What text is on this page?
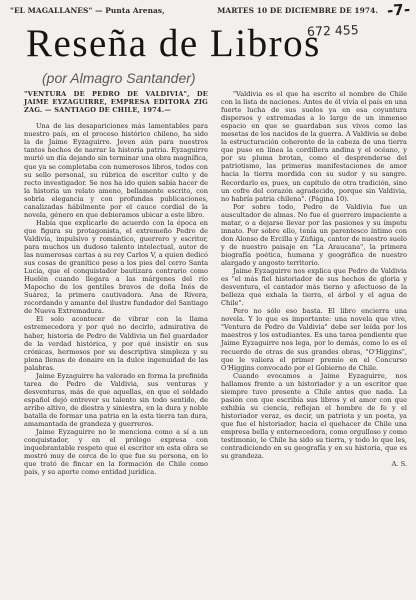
"EL MAGALLANES" — Punta Arenas,	MARTES 10 DE DICIEMBRE DE 1974. -7-
672 455
Reseña de Libros
(por Almagro Santander)

"VENTURA DE PEDRO DE VALDIVIA", DE JAIME EYZAGUIRRE, EMPRESA EDITORA ZIG ZAG. — SANTIAGO DE CHILE, 1974.—

Una de las desapariciones más lamentables para nuestro país, en el proceso histórico chileno, ha sido la de Jaime Eyzaguirre. Joven aún para nuestros tantos hechos de narrar la historia patria. Eyzaguirre murió un día dejando sin terminar una obra magnífica, que ya se completaba con numerosos libros, todos con su sello personal, su rúbrica de escritor culto y de recto investigador. Se nos ha ido quien sabía hacer de la historia un relato ameno, bellamente escrito, con sobria elegancia y con profundas publicaciones, canalizadas hábilmente por el cauce cordial de la novela, género en que debieramos ubicar a este libro.

Había que explicarlo de acuerdo con la época en que figura su protagonista, el extremeño Pedro de Valdivia, impulsivo y romántico, guerrero y escritor, para muchos un dudoso talento intelectual, autor de las numerosas cartas a su rey Carlos V, a quien dedicó sus cosas de granítico peso a los pies del cerro Santa Lucía, que el conquistador bautizara contrario como Huelén cuando llegara a las márgenes del río Mapocho de los gentiles bravos de doña Inés de Suárez, la primera cautivadora. Ana de Rivera, recordando y amante del ilustre fundador del Santiago de Nueva Extremadura.

El solo acontecer de vibrar con la llama estremecedora y por qué no decirlo, admirativa de haber, historia de Pedro de Valdivia un fiel guardador de la verdad histórica, y por qué insistir en sus crónicas, hermosos por su descriptiva simpleza y su plena llenas de donaire en la dulce ingenuidad de las palabras.

Jaime Eyzaguirre ha valorado en forma la prefinida tarea de Pedro de Valdivia, sus venturas y desventuras, más de que aquellas, en que el soldado español dejó entrever su talento sin todo sentido, de arribo altivo, de diestra y siniestra, en la dura y noble batalla de formar una patria en la esta tierra tan dura, amamantada de grandeza y guerreros.

Jaime Eyzaguirre no le menciona como a sí a un conquistador, y en el prólogo expresa con inquebrantable respeto que el escritor en esta obra se mostró muy de cerca de lo que fue su persona, en lo que trató de fincar en la formación de Chile como pais, y su aporte como entidad jurídica.

"Valdivia es el que ha escrito el nombre de Chile con la lista de naciones. Antes de él vivía el país en una fuerte lucha de sus suelos ya en esa coyuntura dispersos y extremadas a lo largo de un inmenso espacio en que se guardaban sus vivos como las mesetas de los nacidos de la guerra. A Valdivia se debe la estructuración coherente de la cabeza de una tierra que puso en línea la cordillera andina y el océano, y por su pluma brotan, como el desprenderse del patriotismo, las primeras manifestaciones de amor hacia la tierra mordida con su sudor y su sangre. Recordarlo es, pues, un capítulo de otra tradición, sino un cofre del corazón agradecido, porque sin Valdivia, no habría patria chilena". (Página 10).

Por sobre todo, Pedro de Valdivia fue un auscultador de almas. No fue el guerrero impaciente a matar, o a dejarse llevar por las pasiones y su ímpetu innato. Por sobre ello, tenía un parentesco íntimo con don Alonso de Ercilla y Zúñiga, cantor de nuestro suelo y de nuestro paisaje en "La Araucana", la primera biografía poética, humana y geográfica de nuestro alargado y angosto territorio.

Jaime Eyzaguirre nos explica que Pedro de Valdivia es "el más fiel historiador de sus hechos de gloria y desventura, el cantador más tierno y afectuoso de la belleza que exhala la tierra, el árbol y el agua de Chile".

Pero no sólo eso basta. El libro encierra una novela. Y lo que es importante: una novela que vive, "Ventura de Pedro de Valdivia" debe ser leída por los maestros y los estudiantes. Es una tarea pendiente que Jaime Eyzaguirre nos lega, por lo demás, como lo es el recuerdo de otras de sus grandes obras, "O'Higgins", que le valiera el primer premio en el Concurso O'Higgins convocado por el Gobierno de Chile.

Cuando evocamos a Jaime Eyzaguirre, nos hallamos frente a un historiador y a un escritor que siempre tuvo presente a Chile antes que nada. La pasión con que escribía sus libros y el amor con que exhibía su ciencia, reflejan el hombre de fe y el historiador veraz, es decir, un patriota y un poeta, ya que fue el historiador, hacia el quehacer de Chile una empresa bella y enternecedora, como orgulloso y como testimonio, le Chile ha sido su tierra, y todo lo que les, contradiciendo en su geografía y en su historia, que es su grandeza.

A. S.
